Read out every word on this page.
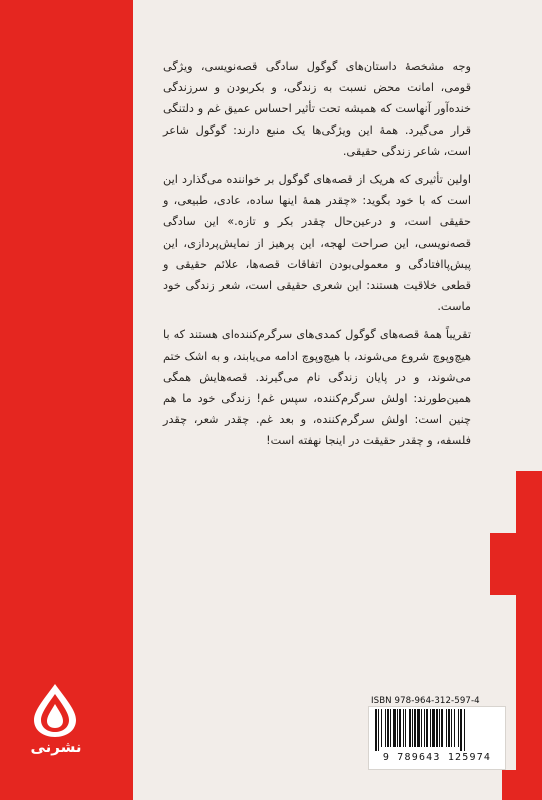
وجه مشخصهٔ داستان‌های گوگول سادگی قصه‌نویسی، ویژگی قومی، امانت محض نسبت به زندگی، و بکربودن و سرزندگی خنده‌آور آنهاست که همیشه تحت تأثیر احساس عمیق غم و دلتنگی قرار می‌گیرد. همهٔ این ویژگی‌ها یک منبع دارند: گوگول شاعر است، شاعر زندگی حقیقی.

اولین تأثیری که هریک از قصه‌های گوگول بر خواننده می‌گذارد این است که با خود بگوید: «چقدر همهٔ اینها ساده، عادی، طبیعی، و حقیقی است، و درعین‌حال چقدر بکر و تازه.» این سادگی قصه‌نویسی، این صراحت لهجه، این پرهیز از نمایش‌پردازی، این پیش‌پاافتادگی و معمولی‌بودن اتفاقات قصه‌ها، علائم حقیقی و قطعی خلاقیت هستند: این شعری حقیقی است، شعر زندگی خود ماست.

تقریباً همهٔ قصه‌های گوگول کمدی‌های سرگرم‌کننده‌ای هستند که با هیچ‌وپوچ شروع می‌شوند، با هیچ‌وپوچ ادامه می‌یابند، و به اشک ختم می‌شوند، و در پایان زندگی نام می‌گیرند. قصه‌هایش همگی همین‌طورند: اولش سرگرم‌کننده، سپس غم! زندگی خود ما هم چنین است: اولش سرگرم‌کننده، و بعد غم. چقدر شعر، چقدر فلسفه، و چقدر حقیقت در اینجا نهفته است!

نشرنی
ISBN 978-964-312-597-4
9 789643 125974
